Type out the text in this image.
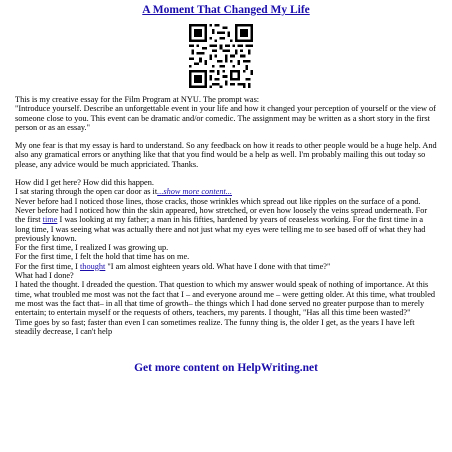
A Moment That Changed My Life

This is my creative essay for the Film Program at NYU. The prompt was:

"Introduce yourself. Describe an unforgettable event in your life and how it changed your perception of yourself or the view of someone close to you. This event can be dramatic and/or comedic. The assignment may be written as a short story in the first person or as an essay."

My one fear is that my essay is hard to understand. So any feedback on how it reads to other people would be a huge help. And also any gramatical errors or anything like that that you find would be a help as well. I'm probably mailing this out today so please, any advice would be much appriciated. Thanks.

How did I get here? How did this happen.

I sat staring through the open car door as it...show more content...

Never before had I noticed those lines, those cracks, those wrinkles which spread out like ripples on the surface of a pond. Never before had I noticed how thin the skin appeared, how stretched, or even how loosely the veins spread underneath. For the first time I was looking at my father; a man in his fifties, hardened by years of ceaseless working. For the first time in a long time, I was seeing what was actually there and not just what my eyes were telling me to see based off of what they had previously known.

For the first time, I realized I was growing up.

For the first time, I felt the hold that time has on me.

For the first time, I thought "I am almost eighteen years old. What have I done with that time?"

What had I done?

I hated the thought. I dreaded the question. That question to which my answer would speak of nothing of importance. At this time, what troubled me most was not the fact that I – and everyone around me – were getting older. At this time, what troubled me most was the fact that– in all that time of growth– the things which I had done served no greater purpose than to merely entertain; to entertain myself or the requests of others, teachers, my parents. I thought, "Has all this time been wasted?"

Time goes by so fast; faster than even I can sometimes realize. The funny thing is, the older I get, as the years I have left steadily decrease, I can't help

Get more content on HelpWriting.net
